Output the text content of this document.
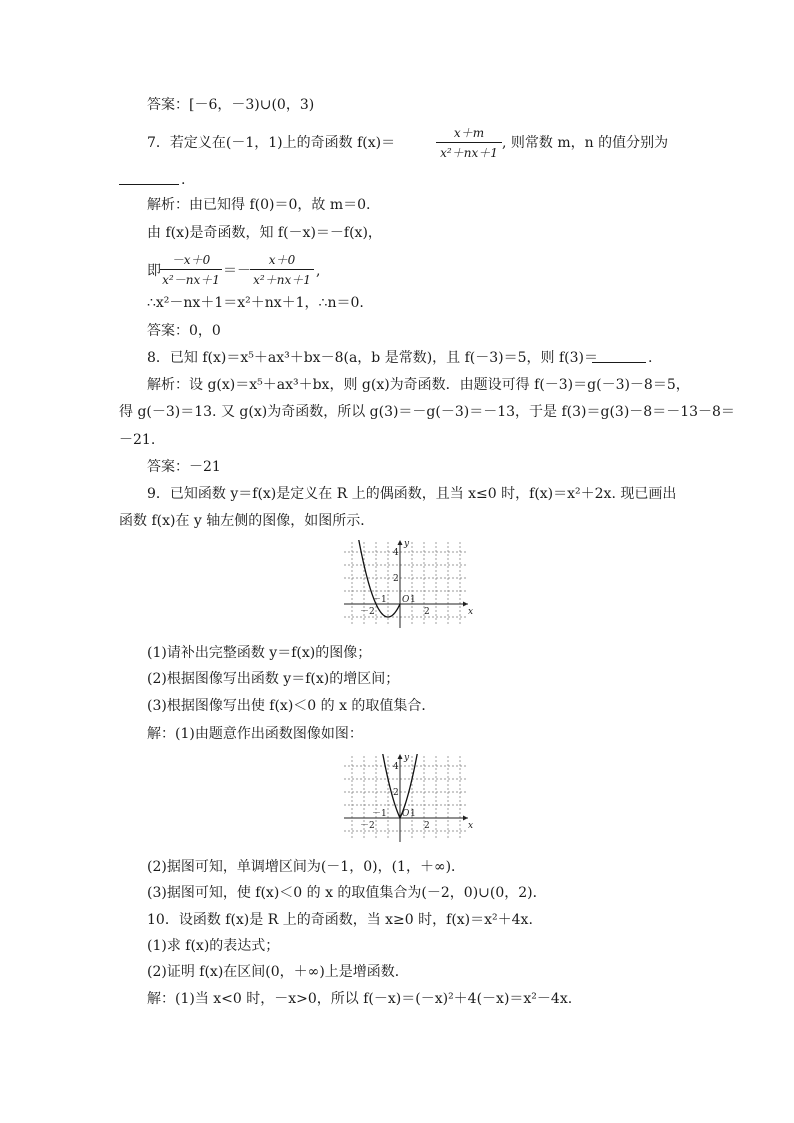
答案：[－6，－3)∪(0，3)
7．若定义在(－1，1)上的奇函数 f(x)＝	, 则常数 m，n 的值分别为
.
解析：由已知得 f(0)＝0，故 m＝0.
由 f(x)是奇函数，知 f(－x)＝－f(x)，
即	＝－	,
∴x²－nx＋1＝x²＋nx＋1，∴n＝0.
答案：0，0
8．已知 f(x)＝x⁵＋ax³＋bx－8(a，b 是常数)，且 f(－3)＝5，则 f(3)＝	.
解析：设 g(x)＝x⁵＋ax³＋bx，则 g(x)为奇函数．由题设可得 f(－3)＝g(－3)－8＝5，
得 g(－3)＝13. 又 g(x)为奇函数，所以 g(3)＝－g(－3)＝－13，于是 f(3)＝g(3)－8＝－13－8＝
－21.
答案：－21
9．已知函数 y＝f(x)是定义在 R 上的偶函数，且当 x≤0 时，f(x)＝x²＋2x. 现已画出
函数 f(x)在 y 轴左侧的图像，如图所示．
(1)请补出完整函数 y＝f(x)的图像；
(2)根据图像写出函数 y＝f(x)的增区间；
(3)根据图像写出使 f(x)＜0 的 x 的取值集合．
解：(1)由题意作出函数图像如图：
(2)据图可知，单调增区间为(－1，0)，(1，＋∞)．
(3)据图可知，使 f(x)＜0 的 x 的取值集合为(－2，0)∪(0，2)．
10．设函数 f(x)是 R 上的奇函数，当 x≥0 时，f(x)＝x²＋4x.
(1)求 f(x)的表达式；
(2)证明 f(x)在区间(0，＋∞)上是增函数．
解：(1)当 x<0 时，－x>0，所以 f(－x)＝(－x)²＋4(－x)＝x²－4x.
x＋m
x²＋nx＋1
－x＋0
x²－nx＋1
x＋0
x²＋nx＋1
y
x
4
2
O
－2
－1	1
2
y
x
4
2
O
－2
－1	1
2
